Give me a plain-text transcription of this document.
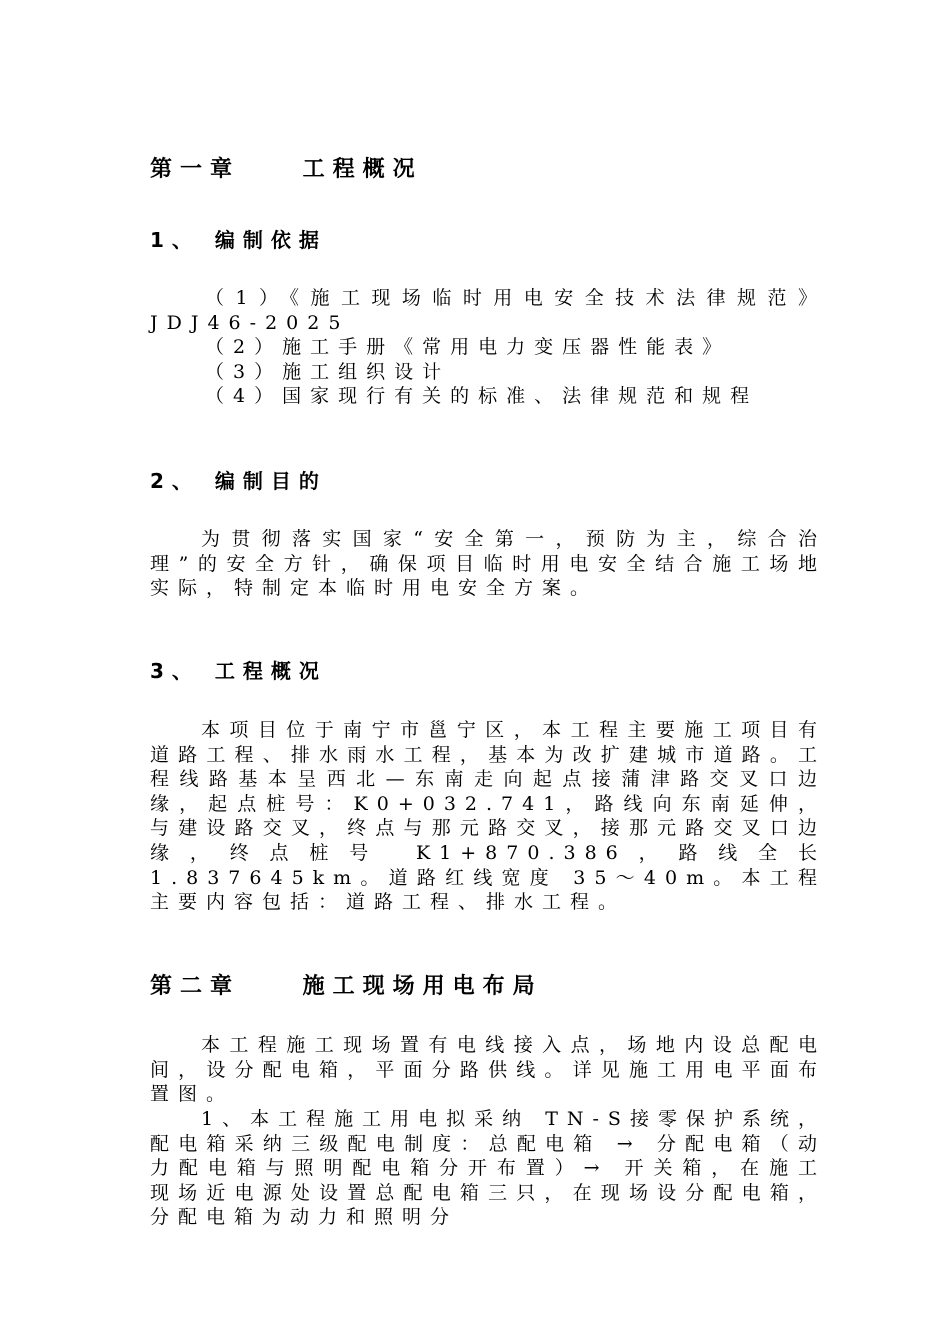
第一章    工程概况
1、 编制依据

（1）《施工现场临时用电安全技术法律规范》 JDJ46-2025

（2）施工手册《常用电力变压器性能表》

（3）施工组织设计

（4）国家现行有关的标准、法律规范和规程

2、 编制目的

为贯彻落实国家“安全第一，预防为主，综合治理”的安全方针，确保项目临时用电安全结合施工场地实际，特制定本临时用电安全方案。

3、 工程概况

本项目位于南宁市邕宁区，本工程主要施工项目有道路工程、排水雨水工程，基本为改扩建城市道路。工程线路基本呈西北—东南走向起点接蒲津路交叉口边缘，起点桩号：K0+032.741，路线向东南延伸，与建设路交叉，终点与那元路交叉，接那元路交叉口边缘，终点桩号 K1+870.386，路线全长 1.837645km。道路红线宽度 35～40m。本工程主要内容包括：道路工程、排水工程。

第二章    施工现场用电布局

本工程施工现场置有电线接入点，场地内设总配电间，设分配电箱，平面分路供线。详见施工用电平面布置图。

1、本工程施工用电拟采纳 TN-S接零保护系统，配电箱采纳三级配电制度：总配电箱 → 分配电箱（动力配电箱与照明配电箱分开布置）→ 开关箱，在施工现场近电源处设置总配电箱三只，在现场设分配电箱，分配电箱为动力和照明分
